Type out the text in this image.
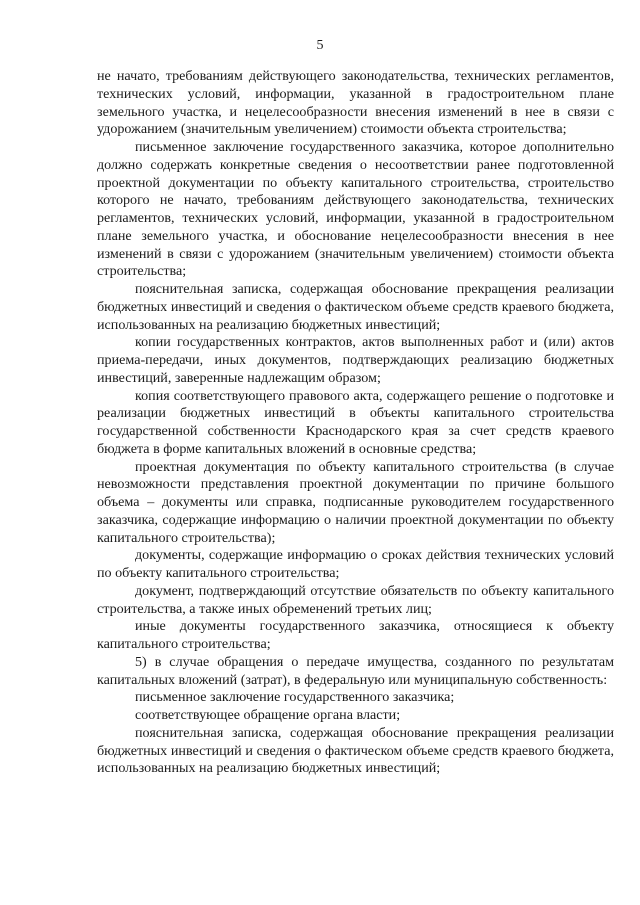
5

не начато, требованиям действующего законодательства, технических регламентов, технических условий, информации, указанной в градостроительном плане земельного участка, и нецелесообразности внесения изменений в нее в связи с удорожанием (значительным увеличением) стоимости объекта строительства;

письменное заключение государственного заказчика, которое дополнительно должно содержать конкретные сведения о несоответствии ранее подготовленной проектной документации по объекту капитального строительства, строительство которого не начато, требованиям действующего законодательства, технических регламентов, технических условий, информации, указанной в градостроительном плане земельного участка, и обоснование нецелесообразности внесения в нее изменений в связи с удорожанием (значительным увеличением) стоимости объекта строительства;

пояснительная записка, содержащая обоснование прекращения реализации бюджетных инвестиций и сведения о фактическом объеме средств краевого бюджета, использованных на реализацию бюджетных инвестиций;

копии государственных контрактов, актов выполненных работ и (или) актов приема-передачи, иных документов, подтверждающих реализацию бюджетных инвестиций, заверенные надлежащим образом;

копия соответствующего правового акта, содержащего решение о подготовке и реализации бюджетных инвестиций в объекты капитального строительства государственной собственности Краснодарского края за счет средств краевого бюджета в форме капитальных вложений в основные средства;

проектная документация по объекту капитального строительства (в случае невозможности представления проектной документации по причине большого объема – документы или справка, подписанные руководителем государственного заказчика, содержащие информацию о наличии проектной документации по объекту капитального строительства);

документы, содержащие информацию о сроках действия технических условий по объекту капитального строительства;

документ, подтверждающий отсутствие обязательств по объекту капитального строительства, а также иных обременений третьих лиц;

иные документы государственного заказчика, относящиеся к объекту капитального строительства;

5) в случае обращения о передаче имущества, созданного по результатам капитальных вложений (затрат), в федеральную или муниципальную собственность:

письменное заключение государственного заказчика;

соответствующее обращение органа власти;

пояснительная записка, содержащая обоснование прекращения реализации бюджетных инвестиций и сведения о фактическом объеме средств краевого бюджета, использованных на реализацию бюджетных инвестиций;
